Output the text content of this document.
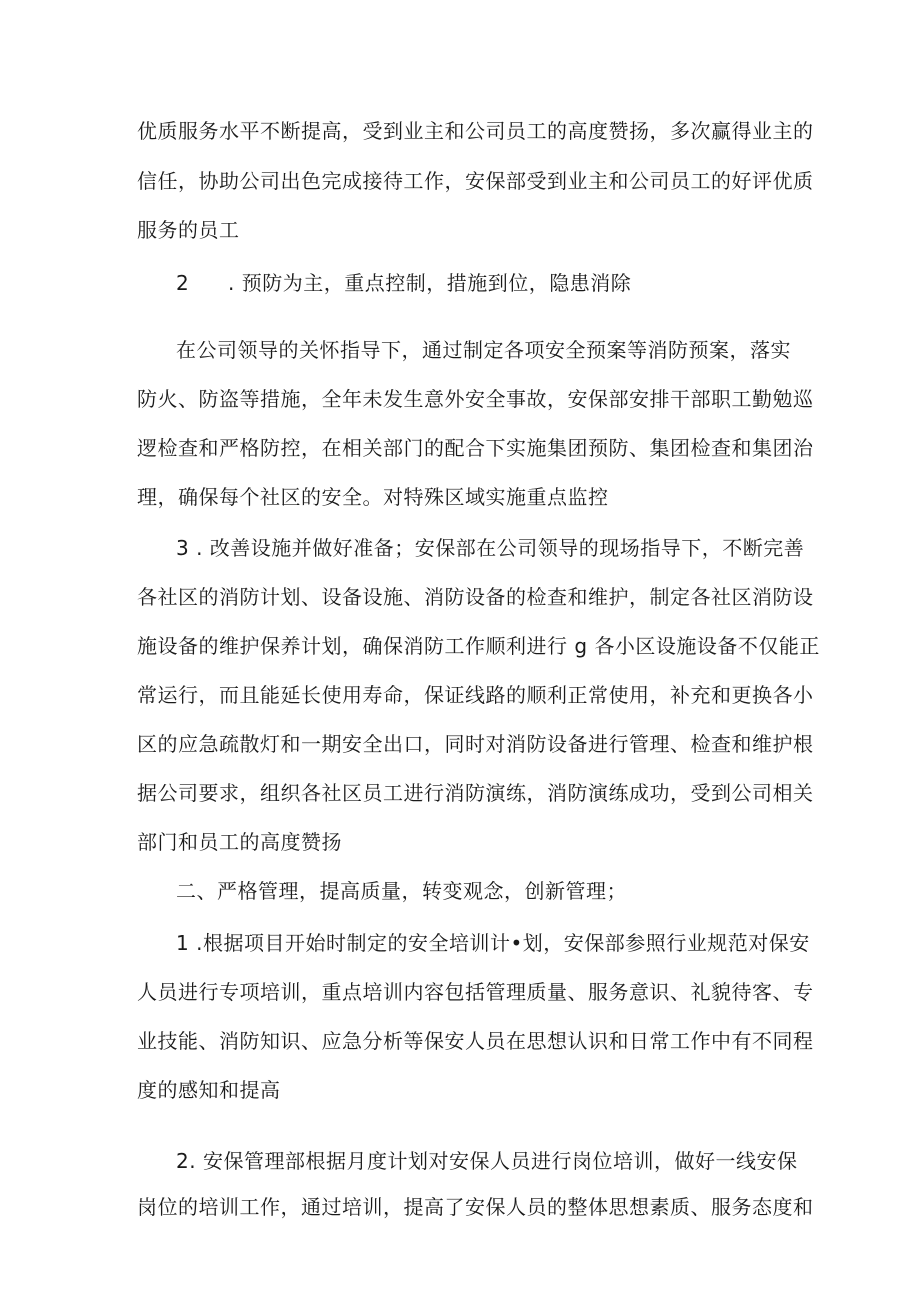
优质服务水平不断提高，受到业主和公司员工的高度赞扬，多次赢得业主的
信任，协助公司出色完成接待工作，安保部受到业主和公司员工的好评优质
服务的员工
2 . 预防为主，重点控制，措施到位，隐患消除
在公司领导的关怀指导下，通过制定各项安全预案等消防预案，落实
防火、防盗等措施，全年未发生意外安全事故，安保部安排干部职工勤勉巡
逻检查和严格防控，在相关部门的配合下实施集团预防、集团检查和集团治
理，确保每个社区的安全。对特殊区域实施重点监控
3 . 改善设施并做好准备；安保部在公司领导的现场指导下，不断完善
各社区的消防计划、设备设施、消防设备的检查和维护，制定各社区消防设
施设备的维护保养计划，确保消防工作顺利进行 g 各小区设施设备不仅能正
常运行，而且能延长使用寿命，保证线路的顺利正常使用，补充和更换各小
区的应急疏散灯和一期安全出口，同时对消防设备进行管理、检查和维护根
据公司要求，组织各社区员工进行消防演练，消防演练成功，受到公司相关
部门和员工的高度赞扬
二、严格管理，提高质量，转变观念，创新管理；
1 .根据项目开始时制定的安全培训计•划，安保部参照行业规范对保安
人员进行专项培训，重点培训内容包括管理质量、服务意识、礼貌待客、专
业技能、消防知识、应急分析等保安人员在思想认识和日常工作中有不同程
度的感知和提高
2. 安保管理部根据月度计划对安保人员进行岗位培训，做好一线安保
岗位的培训工作，通过培训，提高了安保人员的整体思想素质、服务态度和
